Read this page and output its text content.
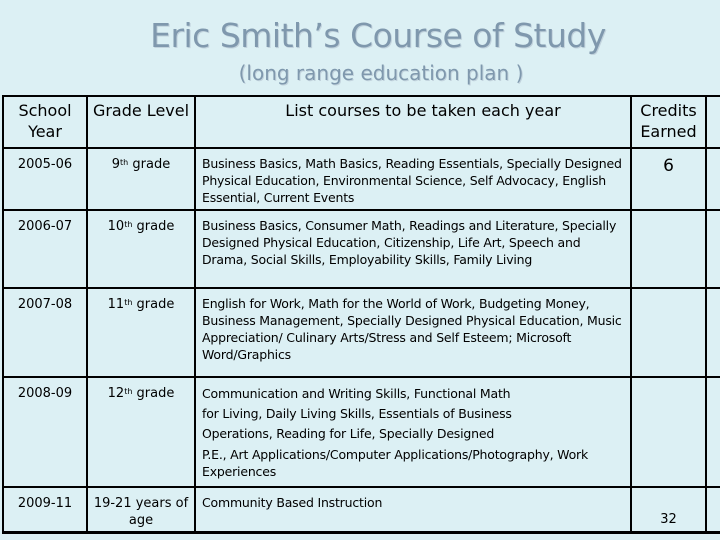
Eric Smith’s Course of Study
(long range education plan )
School Year	Grade Level	List courses to be taken each year	Credits Earned	
2005-06	9th grade	Business Basics, Math Basics, Reading Essentials, Specially Designed Physical Education, Environmental Science, Self Advocacy, English Essential, Current Events	6	
2006-07	10th grade	Business Basics, Consumer Math, Readings and Literature, Specially Designed Physical Education, Citizenship, Life Art, Speech and Drama, Social Skills, Employability Skills, Family Living		
2007-08	11th grade	English for Work, Math for the World of Work, Budgeting Money, Business Management, Specially Designed Physical Education, Music Appreciation/ Culinary Arts/Stress and Self Esteem; Microsoft Word/Graphics		
2008-09	12th grade	Communication and Writing Skills, Functional Math
for Living, Daily Living Skills, Essentials of Business
Operations, Reading for Life, Specially Designed
P.E., Art Applications/Computer Applications/Photography, Work Experiences		

2009-11	19-21 years of age	Community Based Instruction	32	
